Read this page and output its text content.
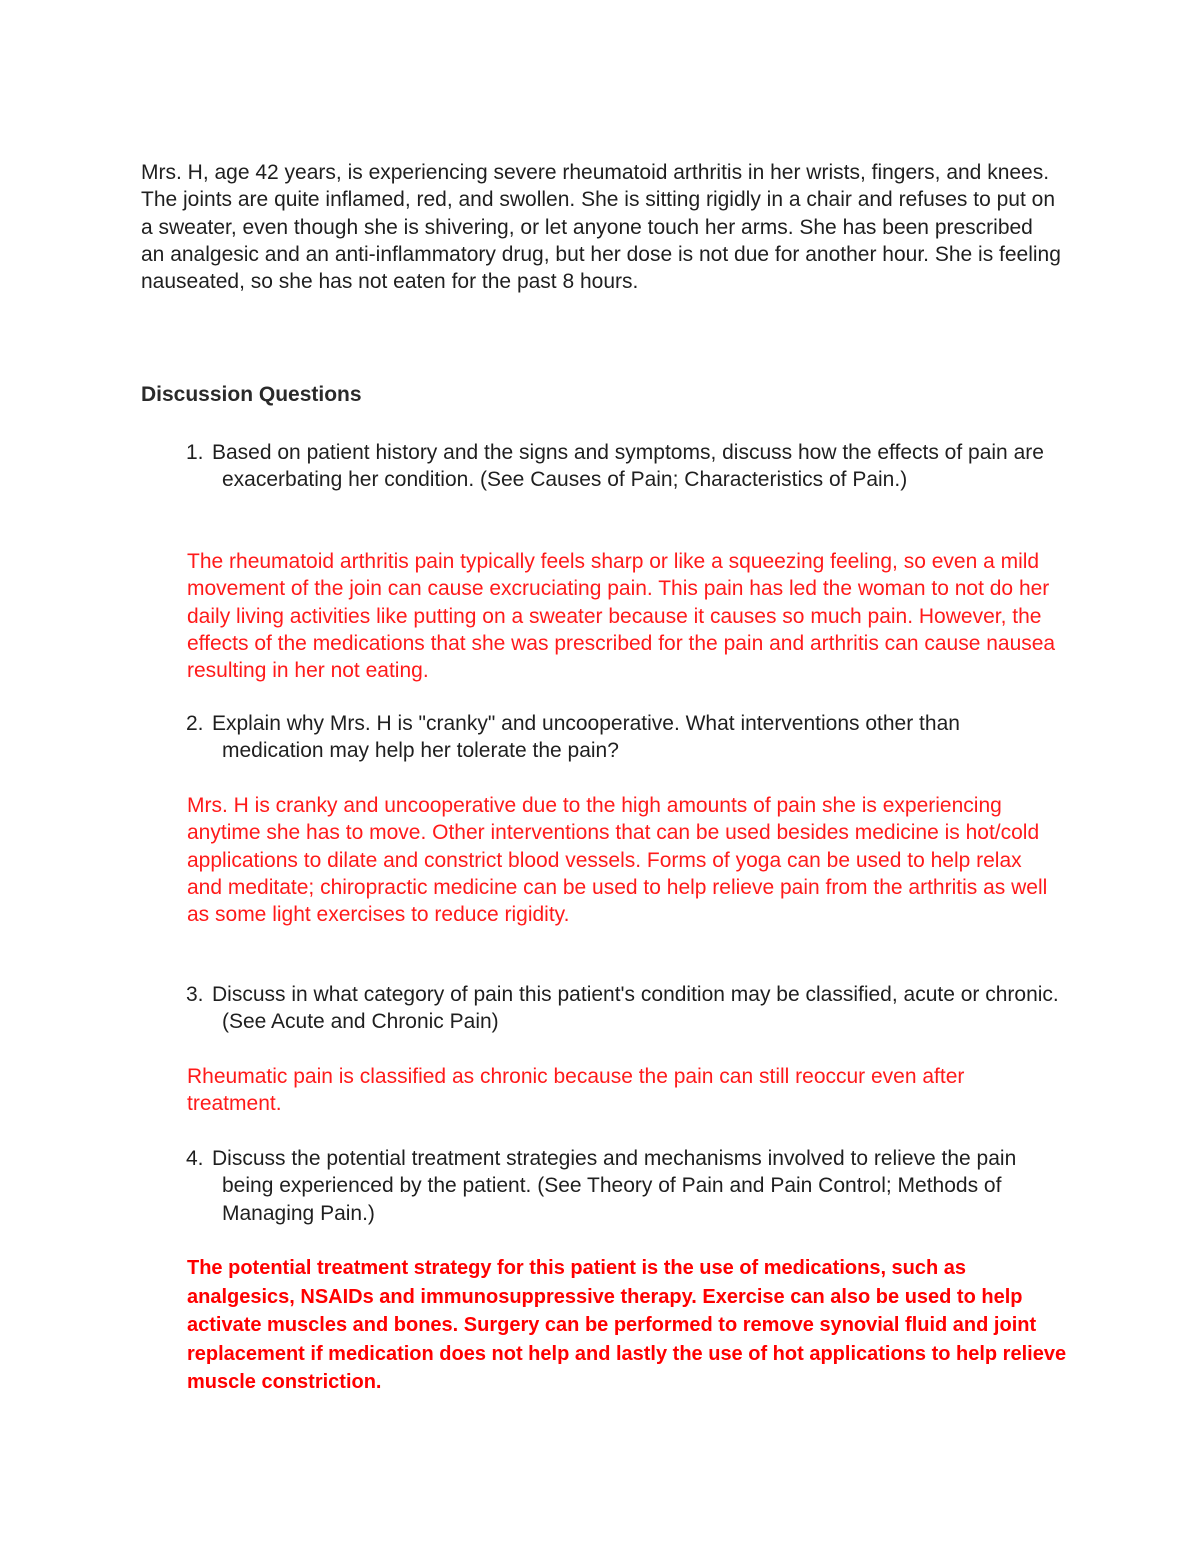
Mrs. H, age 42 years, is experiencing severe rheumatoid arthritis in her wrists, fingers, and knees. The joints are quite inflamed, red, and swollen. She is sitting rigidly in a chair and refuses to put on a sweater, even though she is shivering, or let anyone touch her arms. She has been prescribed an analgesic and an anti-inflammatory drug, but her dose is not due for another hour. She is feeling nauseated, so she has not eaten for the past 8 hours.

Discussion Questions
1. Based on patient history and the signs and symptoms, discuss how the effects of pain are exacerbating her condition. (See Causes of Pain; Characteristics of Pain.)

The rheumatoid arthritis pain typically feels sharp or like a squeezing feeling, so even a mild movement of the join can cause excruciating pain. This pain has led the woman to not do her daily living activities like putting on a sweater because it causes so much pain. However, the effects of the medications that she was prescribed for the pain and arthritis can cause nausea resulting in her not eating.

2. Explain why Mrs. H is "cranky" and uncooperative. What interventions other than medication may help her tolerate the pain?

Mrs. H is cranky and uncooperative due to the high amounts of pain she is experiencing anytime she has to move. Other interventions that can be used besides medicine is hot/cold applications to dilate and constrict blood vessels. Forms of yoga can be used to help relax and meditate; chiropractic medicine can be used to help relieve pain from the arthritis as well as some light exercises to reduce rigidity.

3. Discuss in what category of pain this patient's condition may be classified, acute or chronic. (See Acute and Chronic Pain)

Rheumatic pain is classified as chronic because the pain can still reoccur even after treatment.

4. Discuss the potential treatment strategies and mechanisms involved to relieve the pain being experienced by the patient. (See Theory of Pain and Pain Control; Methods of Managing Pain.)

The potential treatment strategy for this patient is the use of medications, such as analgesics, NSAIDs and immunosuppressive therapy. Exercise can also be used to help activate muscles and bones. Surgery can be performed to remove synovial fluid and joint replacement if medication does not help and lastly the use of hot applications to help relieve muscle constriction.
